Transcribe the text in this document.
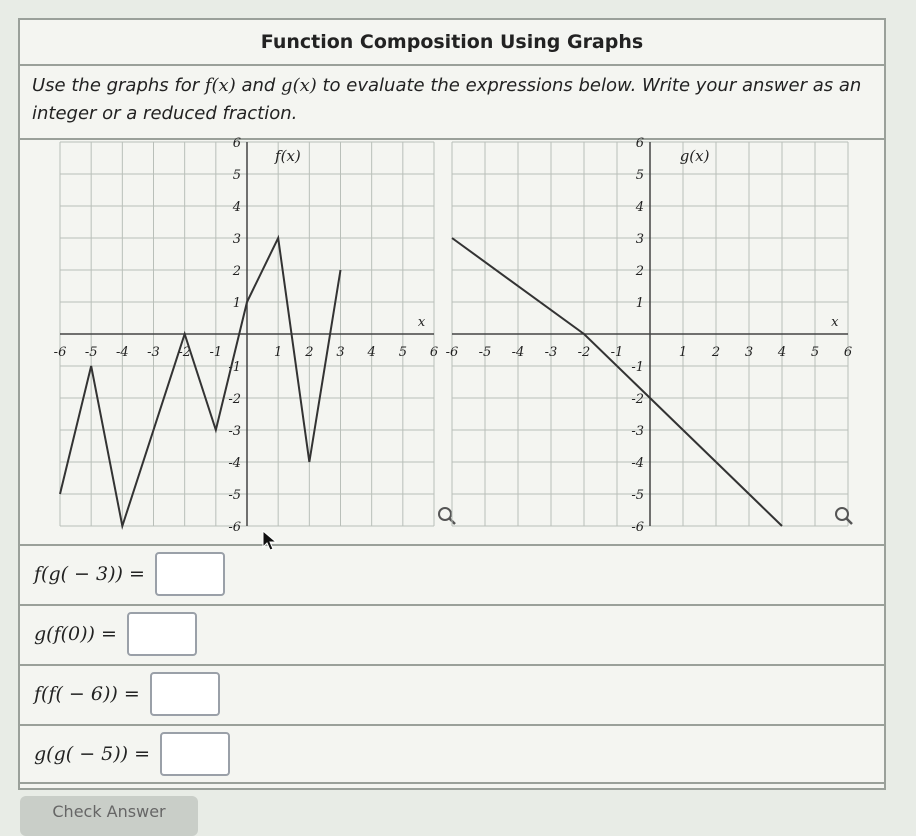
Function Composition Using Graphs
Use the graphs for f(x) and g(x) to evaluate the expressions below. Write your answer as an integer or a reduced fraction.
-6 -5 -4 -3 -2 -1	1 2 3 4 5 6
6
5
4
3
2
1
-1
-2
-3
-4
-5
-6
x
f(x)
-6 -5 -4 -3 -2 -1	1 2 3 4 5 6
6
5
4
3
2
1
-1
-2
-3
-4
-5
-6
x
g(x)
f(g( − 3)) =
g(f(0)) =
f(f( − 6)) =
g(g( − 5)) =
Check Answer
